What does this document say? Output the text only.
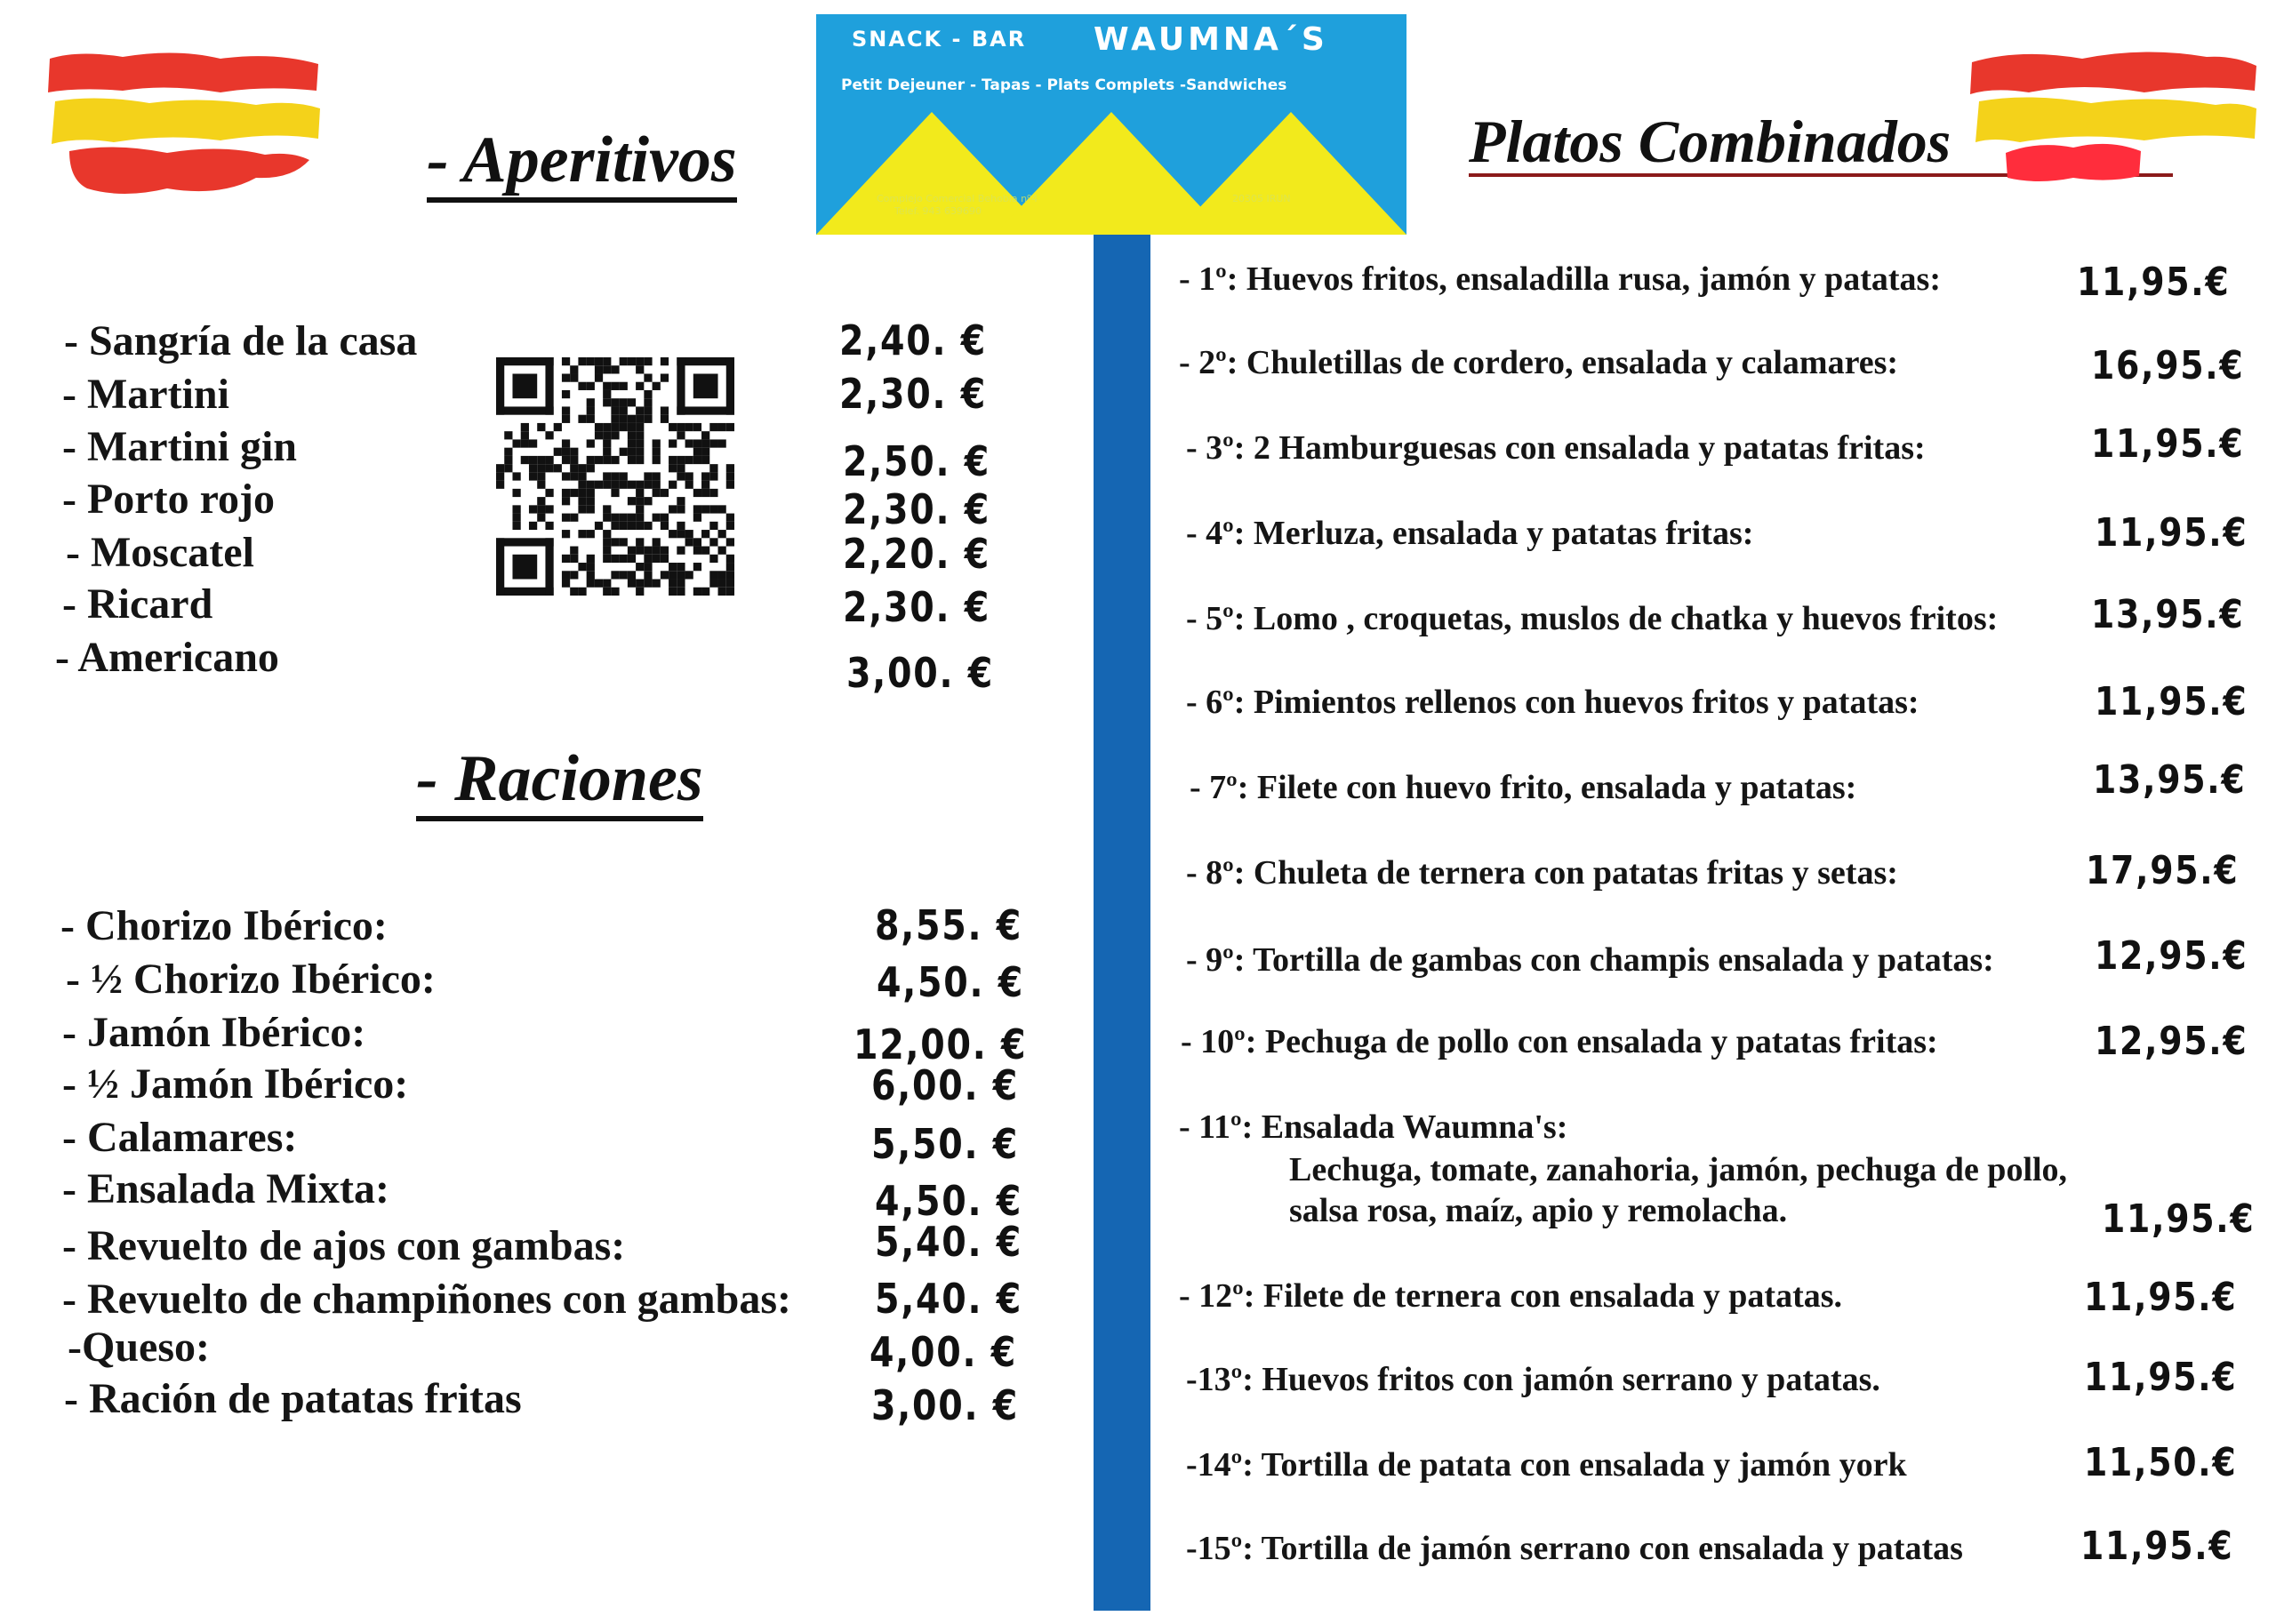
SNACK - BAR WAUMNA´S
Petit Dejeuner - Tapas - Plats Complets -Sandwiches
Complejo Comercial Behobia nº4
Telef. 943 639690
20305 IRUN
- Aperitivos
- Raciones
Platos Combinados
- Sangría de la casa	2,40. €
- Martini	2,30. €
- Martini gin	2,50. €
- Porto rojo	2,30. €
- Moscatel	2,20. €
- Ricard	2,30. €
- Americano	3,00. €
- Chorizo Ibérico:	8,55. €
- ½ Chorizo Ibérico:	4,50. €
- Jamón Ibérico:	12,00. €
- ½ Jamón Ibérico:	6,00. €
- Calamares:	5,50. €
- Ensalada Mixta:	4,50. €
- Revuelto de ajos con gambas:	5,40. €
- Revuelto de champiñones con gambas: 5,40. €
-Queso:	4,00. €
- Ración de patatas fritas	3,00. €
- 1º: Huevos fritos, ensaladilla rusa, jamón y patatas:	11,95.€
- 2º: Chuletillas de cordero, ensalada y calamares:	16,95.€
- 3º: 2 Hamburguesas con ensalada y patatas fritas:	11,95.€
- 4º: Merluza, ensalada y patatas fritas:	11,95.€
- 5º: Lomo , croquetas, muslos de chatka y huevos fritos: 13,95.€
- 6º: Pimientos rellenos con huevos fritos y patatas:	11,95.€
- 7º: Filete con huevo frito, ensalada y patatas:	13,95.€
- 8º: Chuleta de ternera con patatas fritas y setas:	17,95.€
- 9º: Tortilla de gambas con champis ensalada y patatas:	12,95.€
- 10º: Pechuga de pollo con ensalada y patatas fritas:	12,95.€
- 11º: Ensalada Waumna's:
Lechuga, tomate, zanahoria, jamón, pechuga de pollo,
salsa rosa, maíz, apio y remolacha.	11,95.€
- 12º: Filete de ternera con ensalada y patatas.	11,95.€
-13º: Huevos fritos con jamón serrano y patatas.	11,95.€
-14º: Tortilla de patata con ensalada y jamón york	11,50.€
-15º: Tortilla de jamón serrano con ensalada y patatas	11,95.€
